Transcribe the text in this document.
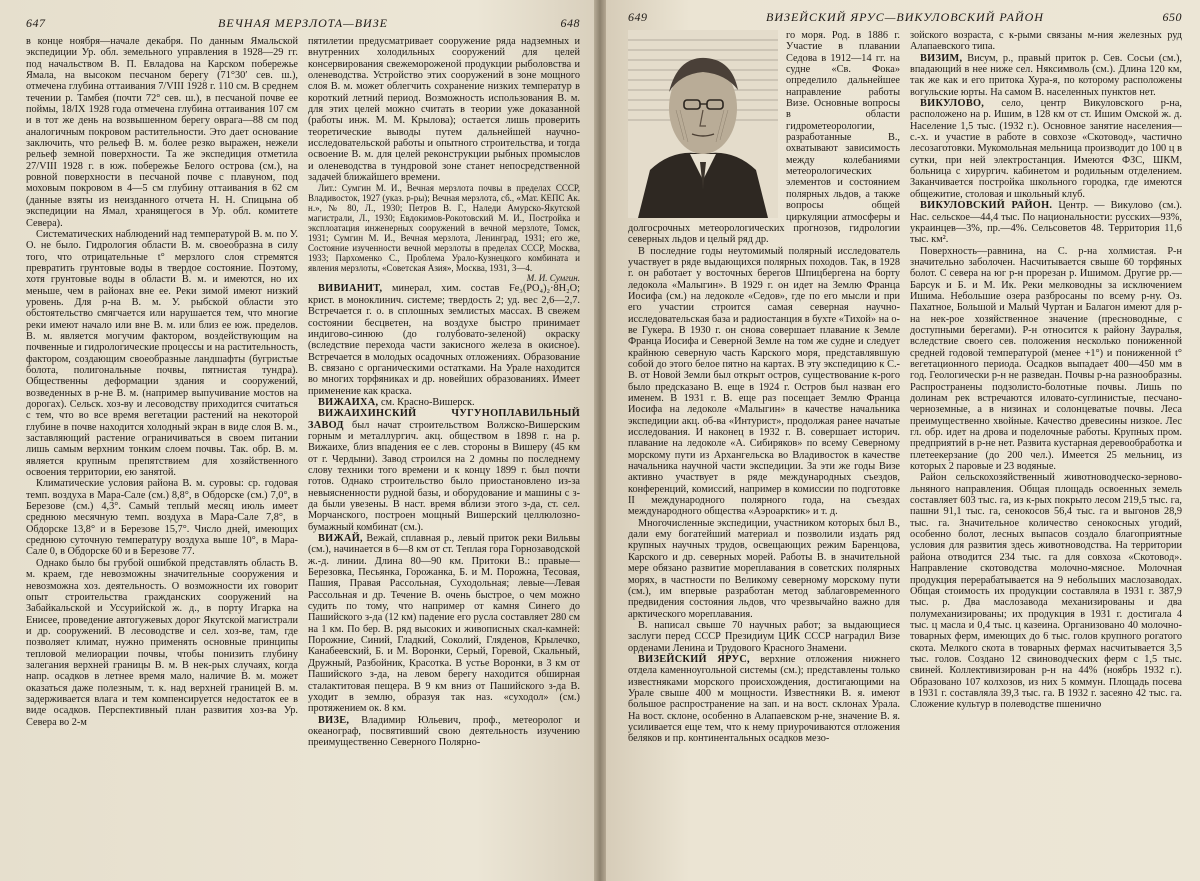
647	ВЕЧНАЯ МЕРЗЛОТА—ВИЗЕ	648

в конце ноября—начале декабря. По данным Ямальской экспедиции Ур. обл. земельного управления в 1928—29 гг. под начальством В. П. Евладова на Карском побережье Ямала, на высоком песчаном берегу (71°30′ сев. ш.), отмечена глубина оттаивания 7/VIII 1928 г. 110 см. В среднем течении р. Тамбея (почти 72° сев. ш.), в песчаной почве ее поймы, 18/IX 1928 года отмечена глубина оттаивания 107 см и в тот же день на возвышенном берегу оврага—88 см под аналогичным покровом растительности. Это дает основание заключить, что рельеф В. м. более резко выражен, нежели рельеф земной поверхности. Та же экспедиция отметила 27/VIII 1928 г. в юж. побережье Белого острова (см.), на ровной поверхности в песчаной почве с плавуном, под моховым покровом в 4—5 см глубину оттаивания в 62 см (данные взяты из неизданного отчета Н. Н. Спицына об экспедиции на Ямал, хранящегося в Ур. обл. комитете Севера).

Систематических наблюдений над температурой В. м. по У. О. не было. Гидрология области В. м. своеобразна в силу того, что отрицательные t° мерзлого слоя стремятся превратить грунтовые воды в твердое состояние. Поэтому, хотя грунтовые воды в области В. м. и имеются, но их меньше, чем в районах вне ее. Реки зимой имеют низкий уровень. Для р-на В. м. У. рыбской области это обстоятельство смягчается или нарушается тем, что многие реки имеют начало или вне В. м. или близ ее юж. пределов. В. м. является могучим фактором, воздействующим на почвенные и гидрологические процессы и на растительность, фактором, создающим своеобразные ландшафты (бугристые болота, полигональные почвы, пятнистая тундра). Общественны деформации здания и сооружений, возведенных в р-не В. м. (например выпучивание мостов на дорогах). Сельск. хоз-ву и лесоводству приходится считаться с тем, что во все время вегетации растений на некоторой глубине в почве находится холодный экран в виде слоя В. м., заставляющий растение ограничиваться в своем питании лишь самым верхним тонким слоем почвы. Так. обр. В. м. является крупным препятствием для хозяйственного освоения территории, ею занятой.

Климатические условия района В. м. суровы: ср. годовая темп. воздуха в Мара-Сале (см.) 8,8°, в Обдорске (см.) 7,0°, в Березове (см.) 4,3°. Самый теплый месяц июль имеет среднюю месячную темп. воздуха в Мара-Сале 7,8°, в Обдорске 13,8° и в Березове 15,7°. Число дней, имеющих среднюю суточную температуру воздуха выше 10°, в Мара-Сале 0, в Обдорске 60 и в Березове 77.

Однако было бы грубой ошибкой представлять область В. м. краем, где невозможны значительные сооружения и невозможна хоз. деятельность. О возможности их говорит опыт строительства гражданских сооружений на Забайкальской и Уссурийской ж. д., в порту Игарка на Енисее, проведение автогужевых дорог Якутской магистрали и др. сооружений. В лесоводстве и сел. хоз-ве, там, где позволяет климат, нужно применять основные принципы тепловой мелиорации почвы, чтобы понизить глубину залегания верхней границы В. м. В нек-рых случаях, когда напр. осадков в летнее время мало, наличие В. м. может оказаться даже полезным, т. к. над верхней границей В. м. задерживается влага и тем компенсируется недостаток ее в виде осадков. Перспективный план развития хоз-ва Ур. Севера во 2-м

пятилетии предусматривает сооружение ряда надземных и внутренних холодильных сооружений для целей консервирования свежемороженой продукции рыболовства и оленеводства. Устройство этих сооружений в зоне мощного слоя В. м. может облегчить сохранение низких температур в короткий летний период. Возможность использования В. м. для этих целей можно считать в теории уже доказанной (работы инж. М. М. Крылова); остается лишь проверить теоретические выводы путем дальнейшей научно-исследовательской работы и опытного строительства, и тогда освоение В. м. для целей реконструкции рыбных промыслов и оленеводства в тундровой зоне станет непосредственной задачей ближайшего времени.

Лит.: Сумгин М. И., Вечная мерзлота почвы в пределах СССР, Владивосток, 1927 (указ. р-ры); Вечная мерзлота, сб., «Мат. КЕПС Ак. н.», № 80, Л., 1930; Петров В. Г., Наледи Амурско-Якутской магистрали, Л., 1930; Евдокимов-Рокотовский М. И., Постройка и эксплоатация инженерных сооружений в вечной мерзлоте, Томск, 1931; Сумгин М. И., Вечная мерзлота, Ленинград, 1931; его же, Состояние изученности вечной мерзлоты в пределах СССР, Москва, 1933; Пархоменко С., Проблема Урало-Кузнецкого комбината и явления мерзлоты, «Советская Азия», Москва, 1931, 3—4.

М. И. Сумгин.

ВИВИАНИТ, минерал, хим. состав Fe₃(PO₄)₂·8H₂O; крист. в моноклинич. системе; твердость 2; уд. вес 2,6—2,7. Встречается г. о. в сплошных землистых массах. В свежем состоянии бесцветен, на воздухе быстро принимает индигово-синюю (до голубовато-зеленой) окраску (вследствие перехода части закисного железа в окисное). Встречается в молодых осадочных отложениях. Образование В. связано с органическими остатками. На Урале находится во многих торфяниках и др. новейших образованиях. Имеет применение как краска.

ВИЖАИХА, см. Красно-Вишерск.

ВИЖАИХИНСКИЙ ЧУГУНОПЛАВИЛЬНЫЙ ЗАВОД был начат строительством Волжско-Вишерским горным и металлургич. акц. обществом в 1898 г. на р. Вижаихе, близ впадения ее с лев. стороны в Вишеру (45 км от г. Чердыни). Завод строился на 2 домны по последнему слову техники того времени и к концу 1899 г. был почти готов. Однако строительство было приостановлено из-за невыясненности рудной базы, и оборудование и машины с з-да были увезены. В наст. время вблизи этого з-да, ст. сел. Морчанского, построен мощный Вишерский целлюлозно-бумажный комбинат (см.).

ВИЖАЙ, Вежай, сплавная р., левый приток реки Вильвы (см.), начинается в 6—8 км от ст. Теплая гора Горнозаводской ж.-д. линии. Длина 80—90 км. Притоки В.: правые—Березовка, Песьянка, Горожанка, Б. и М. Порожна, Тесовая, Пашия, Правая Рассольная, Суходольная; левые—Левая Рассольная и др. Течение В. очень быстрое, о чем можно судить по тому, что например от камня Синего до Пашийского з-да (12 км) падение его русла составляет 280 см на 1 км. По бер. В. ряд высоких и живописных скал-камней: Порожние, Синий, Гладкий, Соколий, Гляденов, Крылечко, Канабеевский, Б. и М. Воронки, Серый, Горевой, Скальный, Дружный, Разбойник, Красотка. В устье Воронки, в 3 км от Пашийского з-да, на левом берегу находится обширная сталактитовая пещера. В 9 км вниз от Пашийского з-да В. уходит в землю, образуя так наз. «суходол» (см.) протяжением ок. 8 км.

ВИЗЕ, Владимир Юльевич, проф., метеоролог и океанограф, посвятивший свою деятельность изучению преимущественно Северного Полярно-

649	ВИЗЕЙСКИЙ ЯРУС—ВИКУЛОВСКИЙ РАЙОН	650

го моря. Род. в 1886 г. Участие в плавании Седова в 1912—14 гг. на судне «Св. Фока» определило дальнейшее направление работы Визе. Основные вопросы в области гидрометеорологии, разработанные В., охватывают зависимость между колебаниями метеорологических элементов и состоянием полярных льдов, а также вопросы общей циркуляции атмосферы и долгосрочных метеорологических прогнозов, гидрологии северных льдов и целый ряд др.

В последние годы неутомимый полярный исследователь участвует в ряде выдающихся полярных походов. Так, в 1928 г. он работает у восточных берегов Шпицбергена на борту ледокола «Малыгин». В 1929 г. он идет на Землю Франца Иосифа (см.) на ледоколе «Седов», где по его мысли и при его участии строится самая северная научно-исследовательская база и радиостанция в бухте «Тихой» на о-ве Гукера. В 1930 г. он снова совершает плавание к Земле Франца Иосифа и Северной Земле на том же судне и следует крайнюю северную часть Карского моря, представлявшую собой до этого белое пятно на картах. В эту экспедицию к С.-В. от Новой Земли был открыт остров, существование к-рого было предсказано В. еще в 1924 г. Остров был назван его именем. В 1931 г. В. еще раз посещает Землю Франца Иосифа на ледоколе «Малыгин» в качестве начальника экспедиции акц. об-ва «Интурист», продолжая ранее начатые исследования. И наконец в 1932 г. В. совершает историч. плавание на ледоколе «А. Сибиряков» по всему Северному морскому пути из Архангельска во Владивосток в качестве начальника научной части экспедиции. За эти же годы Визе активно участвует в ряде международных съездов, конференций, комиссий, например в комиссии по подготовке II международного полярного года, на съездах международного общества «Аэроарктик» и т. д.

Многочисленные экспедиции, участником которых был В., дали ему богатейший материал и позволили издать ряд крупных научных трудов, освещающих режим Баренцова, Карского и др. северных морей. Работы В. в значительной мере обязано развитие мореплавания в советских полярных морях, в частности по Великому северному морскому пути (см.), им впервые разработан метод заблаговременного предвидения состояния льдов, что чрезвычайно важно для арктического мореплавания.

В. написал свыше 70 научных работ; за выдающиеся заслуги перед СССР Президиум ЦИК СССР наградил Визе орденами Ленина и Трудового Красного Знамени.

ВИЗЕЙСКИЙ ЯРУС, верхние отложения нижнего отдела каменноугольной системы (см.); представлены только известняками морского происхождения, достигающими на Урале свыше 400 м мощности. Известняки В. я. имеют большое распространение на зап. и на вост. склонах Урала. На вост. склоне, особенно в Алапаевском р-не, значение В. я. усиливается еще тем, что к нему приурочиваются отложения беляков и пр. континентальных осадков мезо-

зойского возраста, с к-рыми связаны м-ния железных руд Алапаевского типа.

ВИЗИМ, Висум, р., правый приток р. Сев. Сосьи (см.), впадающий в нее ниже сел. Няксимволь (см.). Длина 120 км, так же как и его притока Хура-я, по которому расположены вогульские юрты. На самом В. населенных пунктов нет.

ВИКУЛОВО, село, центр Викуловского р-на, расположено на р. Ишим, в 128 км от ст. Ишим Омской ж. д. Население 1,5 тыс. (1932 г.). Основное занятие населения—с.-х. и участие в работе в совхозе «Скотовод», частично лесозаготовки. Мукомольная мельница производит до 100 ц в сутки, при ней электростанция. Имеются ФЗС, ШКМ, больница с хирургич. кабинетом и родильным отделением. Заканчивается постройка школьного городка, где имеются общежитие, столовая и школьный клуб.

ВИКУЛОВСКИЙ РАЙОН. Центр. — Викулово (см.). Нас. сельское—44,4 тыс. По национальности: русских—93%, украинцев—3%, пр.—4%. Сельсоветов 48. Территория 11,6 тыс. км².

Поверхность—равнина, на С. р-на холмистая. Р-н значительно заболочен. Насчитывается свыше 60 торфяных болот. С севера на юг р-н прорезан р. Ишимом. Другие рр.—Барсук и Б. и М. Ик. Реки мелководны за исключением Ишима. Небольшие озера разбросаны по всему р-ну. Оз. Пахатное, Большой и Малый Чуртан и Балагон имеют для р-на нек-рое хозяйственное значение (пресноводные, с доступными берегами). Р-н относится к району Зауралья, вследствие своего сев. положения несколько пониженной средней годовой температурой (менее +1°) и пониженной t° вегетационного периода. Осадков выпадает 400—450 мм в год. Геологически р-н не разведан. Почвы р-на разнообразны. Распространены подзолисто-болотные почвы. Лишь по долинам рек встречаются иловато-суглинистые, песчано-черноземные, а в низинах и солонцеватые почвы. Леса преимущественно хвойные. Качество древесины низкое. Лес гл. обр. идет на дрова и поделочные работы. Крупных пром. предприятий в р-не нет. Развита кустарная деревообработка и плетеекерзание (до 200 чел.). Имеется 25 мельниц, из которых 2 паровые и 23 водяные.

Район сельскохозяйственный животноводческо-зерново-льняного направления. Общая площадь освоенных земель составляет 603 тыс. га, из к-рых покрыто лесом 219,5 тыс. га, пашни 91,1 тыс. га, сенокосов 56,4 тыс. га и выгонов 28,9 тыс. га. Значительное количество сенокосных угодий, особенно болот, лесных выпасов создало благоприятные условия для развития здесь животноводства. На территории района отводится 234 тыс. га для совхоза «Скотовод». Направление скотоводства молочно-мясное. Молочная продукция перерабатывается на 9 небольших маслозаводах. Общая стоимость их продукции составляла в 1931 г. 387,9 тыс. р. Два маслозавода механизированы и два полумеханизированы; их продукция в 1931 г. достигала 4 тыс. ц масла и 0,4 тыс. ц казеина. Организовано 40 молочно-товарных ферм, имеющих до 6 тыс. голов крупного рогатого скота. Мелкого скота в товарных фермах насчитывается 3,5 тыс. голов. Создано 12 свиноводческих ферм с 1,5 тыс. свиней. Коллективизирован р-н на 44% (ноябрь 1932 г.). Образовано 107 колхозов, из них 5 коммун. Площадь посева в 1931 г. составляла 39,3 тыс. га. В 1932 г. засеяно 42 тыс. га. Сложение культур в полеводстве пшенично
